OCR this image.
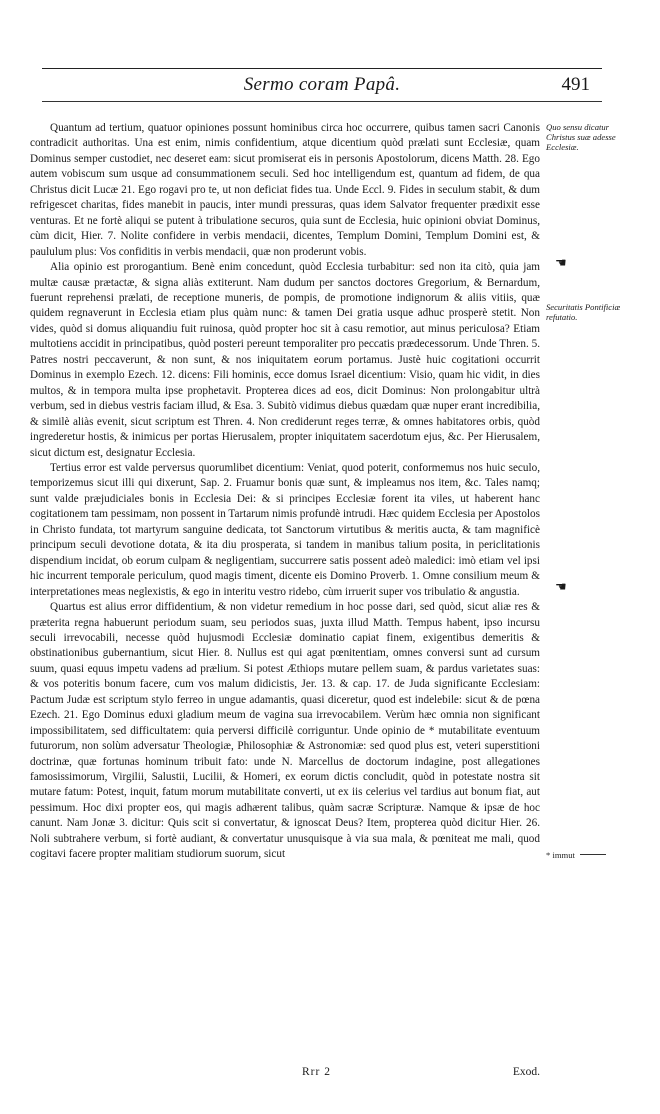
Sermo coram Papâ.	491

Quantum ad tertium, quatuor opiniones possunt hominibus circa hoc occurrere, quibus tamen sacri Canonis contradicit authoritas. Una est enim, nimis confidentium, atque dicentium quòd prælati sunt Ecclesiæ, quam Dominus semper custodiet, nec deseret eam: sicut promiserat eis in personis Apostolorum, dicens Matth. 28. Ego autem vobiscum sum usque ad consummationem seculi. Sed hoc intelligendum est, quantum ad fidem, de qua Christus dicit Lucæ 21. Ego rogavi pro te, ut non deficiat fides tua. Unde Eccl. 9. Fides in seculum stabit, & dum refrigescet charitas, fides manebit in paucis, inter mundi pressuras, quas idem Salvator frequenter prædixit esse venturas. Et ne fortè aliqui se putent à tribulatione securos, quia sunt de Ecclesia, huic opinioni obviat Dominus, cùm dicit, Hier. 7. Nolite confidere in verbis mendacii, dicentes, Templum Domini, Templum Domini est, & paululum plus: Vos confiditis in verbis mendacii, quæ non proderunt vobis.

Alia opinio est prorogantium. Benè enim concedunt, quòd Ecclesia turbabitur: sed non ita citò, quia jam multæ causæ prætactæ, & signa aliàs extiterunt. Nam dudum per sanctos doctores Gregorium, & Bernardum, fuerunt reprehensi prælati, de receptione muneris, de pompis, de promotione indignorum & aliis vitiis, quæ quidem regnaverunt in Ecclesia etiam plus quàm nunc: & tamen Dei gratia usque adhuc prosperè stetit. Non vides, quòd si domus aliquandiu fuit ruinosa, quòd propter hoc sit à casu remotior, aut minus periculosa? Etiam multotiens accidit in principatibus, quòd posteri pereunt temporaliter pro peccatis prædecessorum. Unde Thren. 5. Patres nostri peccaverunt, & non sunt, & nos iniquitatem eorum portamus. Justè huic cogitationi occurrit Dominus in exemplo Ezech. 12. dicens: Fili hominis, ecce domus Israel dicentium: Visio, quam hic vidit, in dies multos, & in tempora multa ipse prophetavit. Propterea dices ad eos, dicit Dominus: Non prolongabitur ultrà verbum, sed in diebus vestris faciam illud, & Esa. 3. Subitò vidimus diebus quædam quæ nuper erant incredibilia, & similè aliàs evenit, sicut scriptum est Thren. 4. Non crediderunt reges terræ, & omnes habitatores orbis, quòd ingrederetur hostis, & inimicus per portas Hierusalem, propter iniquitatem sacerdotum ejus, &c. Per Hierusalem, sicut dictum est, designatur Ecclesia.

Tertius error est valde perversus quorumlibet dicentium: Veniat, quod poterit, conformemus nos huic seculo, temporizemus sicut illi qui dixerunt, Sap. 2. Fruamur bonis quæ sunt, & impleamus nos item, &c. Tales namq; sunt valde præjudiciales bonis in Ecclesia Dei: & si principes Ecclesiæ forent ita viles, ut haberent hanc cogitationem tam pessimam, non possent in Tartarum nimis profundè intrudi. Hæc quidem Ecclesia per Apostolos in Christo fundata, tot martyrum sanguine dedicata, tot Sanctorum virtutibus & meritis aucta, & tam magnificè principum seculi devotione dotata, & ita diu prosperata, si tandem in manibus talium posita, in periclitationis dispendium incidat, ob eorum culpam & negligentiam, succurrere satis possent adeò maledici: imò etiam vel ipsi hic incurrent temporale periculum, quod magis timent, dicente eis Domino Proverb. 1. Omne consilium meum & interpretationes meas neglexistis, & ego in interitu vestro ridebo, cùm irruerit super vos tribulatio & angustia.

Quartus est alius error diffidentium, & non videtur remedium in hoc posse dari, sed quòd, sicut aliæ res & præterita regna habuerunt periodum suam, seu periodos suas, juxta illud Matth. Tempus habent, ipso incursu seculi irrevocabili, necesse quòd hujusmodi Ecclesiæ dominatio capiat finem, exigentibus demeritis & obstinationibus gubernantium, sicut Hier. 8. Nullus est qui agat pœnitentiam, omnes conversi sunt ad cursum suum, quasi equus impetu vadens ad prælium. Si potest Æthiops mutare pellem suam, & pardus varietates suas: & vos poteritis bonum facere, cum vos malum didicistis, Jer. 13. & cap. 17. de Juda significante Ecclesiam: Pactum Judæ est scriptum stylo ferreo in ungue adamantis, quasi diceretur, quod est indelebile: sicut & de pœna Ezech. 21. Ego Dominus eduxi gladium meum de vagina sua irrevocabilem. Verùm hæc omnia non significant impossibilitatem, sed difficultatem: quia perversi difficilè corriguntur. Unde opinio de * mutabilitate eventuum futurorum, non solùm adversatur Theologiæ, Philosophiæ & Astronomiæ: sed quod plus est, veteri superstitioni doctrinæ, quæ fortunas hominum tribuit fato: unde N. Marcellus de doctorum indagine, post allegationes famosissimorum, Virgilii, Salustii, Lucilii, & Homeri, ex eorum dictis concludit, quòd in potestate nostra sit mutare fatum: Potest, inquit, fatum morum mutabilitate converti, ut ex iis celerius vel tardius aut bonum fiat, aut pessimum. Hoc dixi propter eos, qui magis adhærent talibus, quàm sacræ Scripturæ. Namque & ipsæ de hoc canunt. Nam Jonæ 3. dicitur: Quis scit si convertatur, & ignoscat Deus? Item, propterea quòd dicitur Hier. 26. Noli subtrahere verbum, si fortè audiant, & convertatur unusquisque à via sua mala, & pœniteat me mali, quod cogitavi facere propter malitiam studiorum suorum, sicut

Quo sensu dicatur Christus suæ adesse Ecclesiæ.
☚
Securitatis Pontificiæ refutatio.
☚
* immut
Rrr 2	Exod.
